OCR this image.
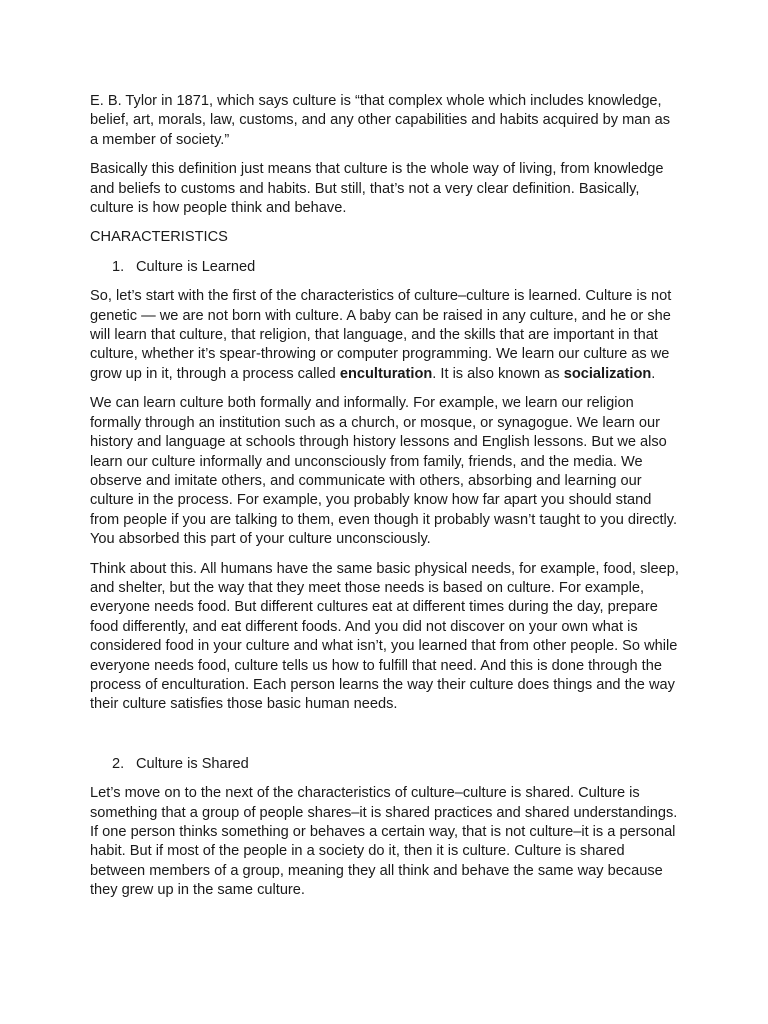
E. B. Tylor in 1871, which says culture is “that complex whole which includes knowledge, belief, art, morals, law, customs, and any other capabilities and habits acquired by man as a member of society.”

Basically this definition just means that culture is the whole way of living, from knowledge and beliefs to customs and habits. But still, that’s not a very clear definition. Basically, culture is how people think and behave.

CHARACTERISTICS
1. Culture is Learned

So, let’s start with the first of the characteristics of culture–culture is learned. Culture is not genetic — we are not born with culture. A baby can be raised in any culture, and he or she will learn that culture, that religion, that language, and the skills that are important in that culture, whether it’s spear-throwing or computer programming. We learn our culture as we grow up in it, through a process called enculturation. It is also known as socialization.

We can learn culture both formally and informally. For example, we learn our religion formally through an institution such as a church, or mosque, or synagogue. We learn our history and language at schools through history lessons and English lessons. But we also learn our culture informally and unconsciously from family, friends, and the media. We observe and imitate others, and communicate with others, absorbing and learning our culture in the process. For example, you probably know how far apart you should stand from people if you are talking to them, even though it probably wasn’t taught to you directly. You absorbed this part of your culture unconsciously.

Think about this. All humans have the same basic physical needs, for example, food, sleep, and shelter, but the way that they meet those needs is based on culture. For example, everyone needs food. But different cultures eat at different times during the day, prepare food differently, and eat different foods. And you did not discover on your own what is considered food in your culture and what isn’t, you learned that from other people. So while everyone needs food, culture tells us how to fulfill that need. And this is done through the process of enculturation. Each person learns the way their culture does things and the way their culture satisfies those basic human needs.

2. Culture is Shared

Let’s move on to the next of the characteristics of culture–culture is shared. Culture is something that a group of people shares–it is shared practices and shared understandings. If one person thinks something or behaves a certain way, that is not culture–it is a personal habit. But if most of the people in a society do it, then it is culture. Culture is shared between members of a group, meaning they all think and behave the same way because they grew up in the same culture.
